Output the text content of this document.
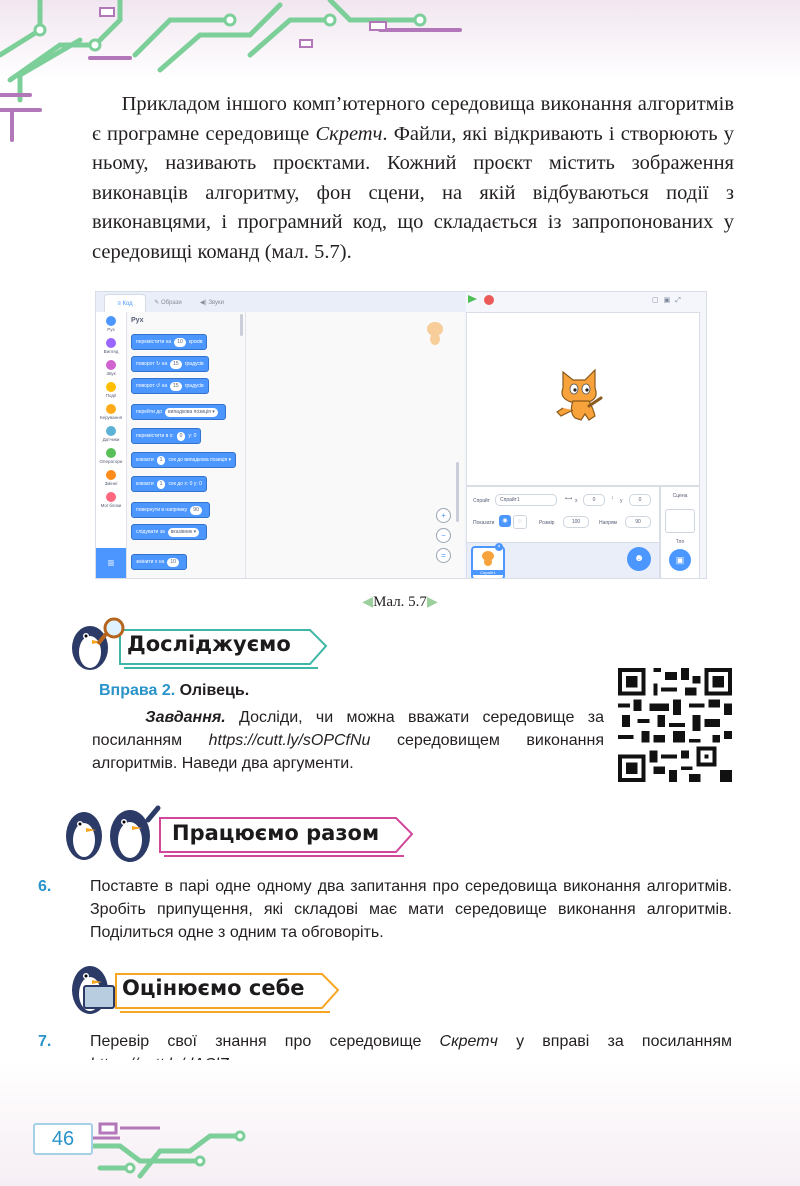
Прикладом іншого комп’ютерного середовища виконання алгоритмів є програмне середовище Скретч. Файли, які відкривають і створюють у ньому, називають проєктами. Кожний проєкт містить зображення виконавців алгоритму, фон сцени, на якій відбуваються події з виконавцями, і програмний код, що складається із запропонованих у середовищі команд (мал. 5.7).
≡ Код	✎ Образи	◀) Звуки	▢▣⤢
Рух
Вигляд
Звук
Події
Керування
Датчики
Оператори
Змінні
Мої блоки
≡
Рух
перемістити на 10 кроків
поворот ↻ на 15 градусів
поворот ↺ на 15 градусів
перейти до випадкова позиція ▾
перемістити в x: 0 y: 0
ковзати 1 сек до випадкова позиція ▾
ковзати 1 сек до x: 0 y: 0
повернути в напрямку 90
слідувати за вказівник ▾
змінити x на 10
+
−
=
Спрайт	Спрайт1	⟷ x	0	↕ y	0
Показати	◉	◌	Розмір	100	Напрям	90
Спрайт1
×
☻
Сцена
Тло
▣
◀Мал. 5.7▶
Досліджуємо
Вправа 2. Олівець.
Завдання. Досліди, чи можна вважати середовище за посиланням https://cutt.ly/sOPCfNu середовищем виконання алгоритмів. Наведи два аргументи.
Працюємо разом
6. Поставте в парі одне одному два запитання про середовища виконання алгоритмів. Зробіть припущення, які складові має мати середовище виконання алгоритмів. Поділиться одне з одним та обговоріть.
Оцінюємо себе
7. Перевір свої знання про середовище Скретч у вправі за посиланням
46
